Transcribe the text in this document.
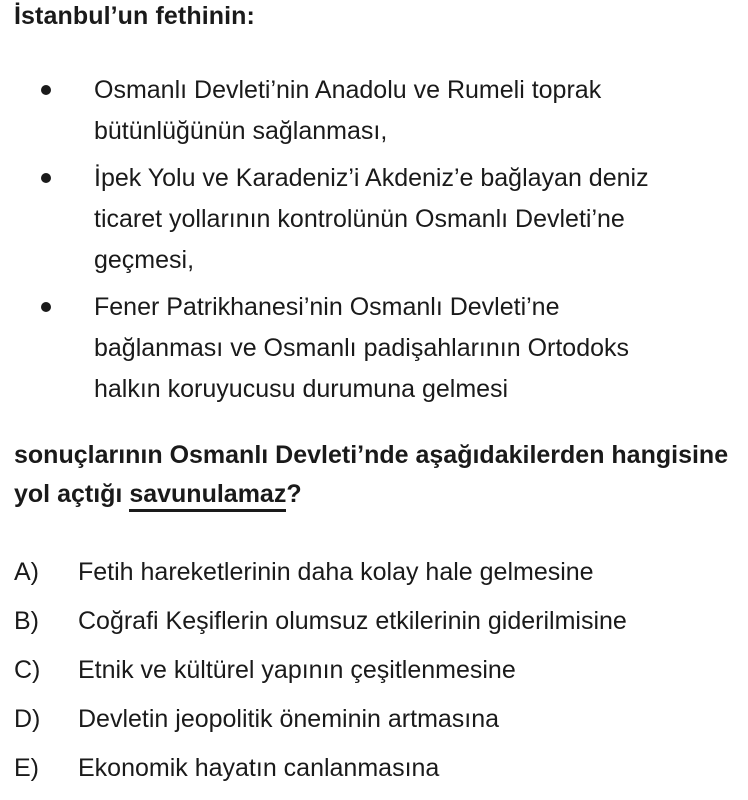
İstanbul’un fethinin:
Osmanlı Devleti’nin Anadolu ve Rumeli toprak bütünlüğünün sağlanması,
İpek Yolu ve Karadeniz’i Akdeniz’e bağlayan deniz ticaret yollarının kontrolünün Osmanlı Devleti’ne geçmesi,
Fener Patrikhanesi’nin Osmanlı Devleti’ne bağlanması ve Osmanlı padişahlarının Ortodoks halkın koruyucusu durumuna gelmesi
sonuçlarının Osmanlı Devleti’nde aşağıdakilerden hangisine yol açtığı savunulamaz?
A) Fetih hareketlerinin daha kolay hale gelmesine
B) Coğrafi Keşiflerin olumsuz etkilerinin giderilmisine
C) Etnik ve kültürel yapının çeşitlenmesine
D) Devletin jeopolitik öneminin artmasına
E) Ekonomik hayatın canlanmasına
